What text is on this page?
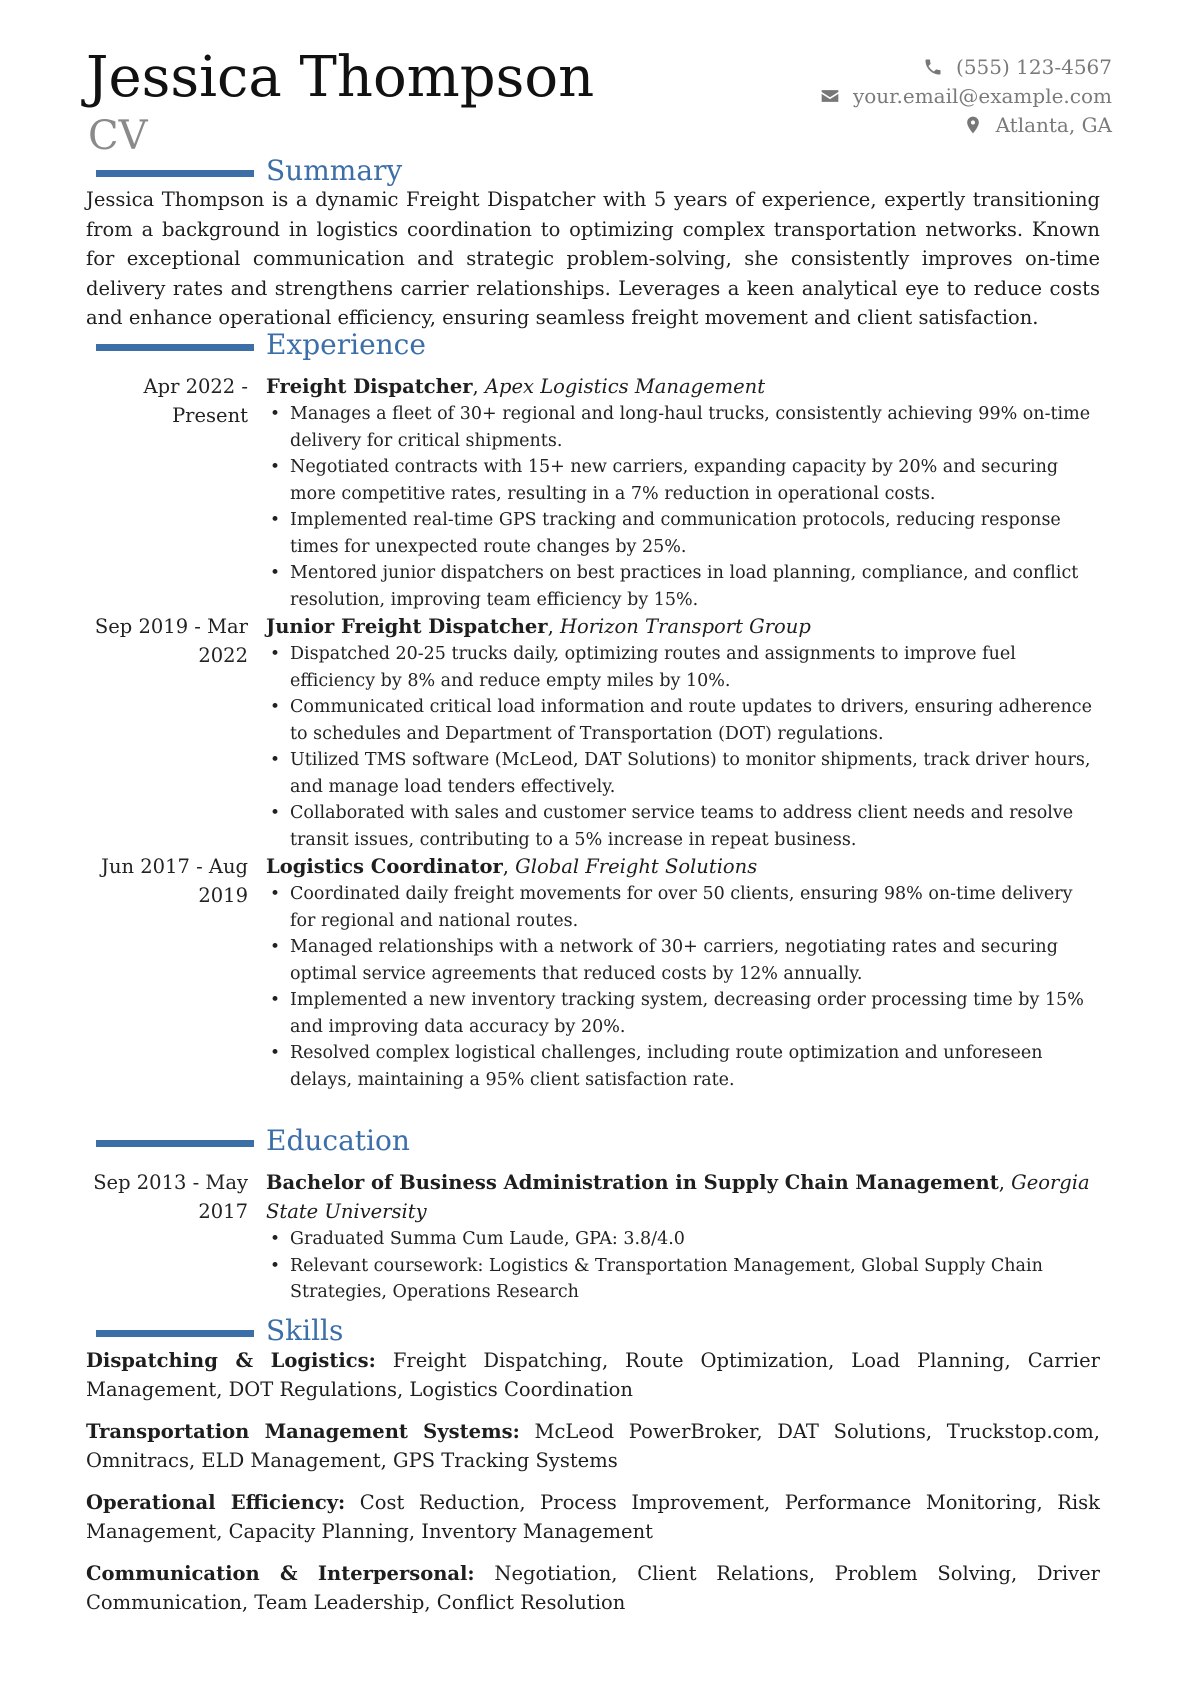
Jessica Thompson
CV
(555) 123-4567
your.email@example.com
Atlanta, GA
Summary
Jessica Thompson is a dynamic Freight Dispatcher with 5 years of experience, expertly transitioning from a background in logistics coordination to optimizing complex transportation networks. Known for exceptional communication and strategic problem-solving, she consistently improves on-time delivery rates and strengthens carrier relationships. Leverages a keen analytical eye to reduce costs and enhance operational efficiency, ensuring seamless freight movement and client satisfaction.
Experience
Apr 2022 -
Present
Freight Dispatcher, Apex Logistics Management
• Manages a fleet of 30+ regional and long-haul trucks, consistently achieving 99% on-time delivery for critical shipments.
• Negotiated contracts with 15+ new carriers, expanding capacity by 20% and securing more competitive rates, resulting in a 7% reduction in operational costs.
• Implemented real-time GPS tracking and communication protocols, reducing response times for unexpected route changes by 25%.
• Mentored junior dispatchers on best practices in load planning, compliance, and conflict resolution, improving team efficiency by 15%.
Sep 2019 - Mar
2022
Junior Freight Dispatcher, Horizon Transport Group
• Dispatched 20-25 trucks daily, optimizing routes and assignments to improve fuel efficiency by 8% and reduce empty miles by 10%.
• Communicated critical load information and route updates to drivers, ensuring adherence to schedules and Department of Transportation (DOT) regulations.
• Utilized TMS software (McLeod, DAT Solutions) to monitor shipments, track driver hours, and manage load tenders effectively.
• Collaborated with sales and customer service teams to address client needs and resolve transit issues, contributing to a 5% increase in repeat business.
Jun 2017 - Aug
2019
Logistics Coordinator, Global Freight Solutions
• Coordinated daily freight movements for over 50 clients, ensuring 98% on-time delivery for regional and national routes.
• Managed relationships with a network of 30+ carriers, negotiating rates and securing optimal service agreements that reduced costs by 12% annually.
• Implemented a new inventory tracking system, decreasing order processing time by 15% and improving data accuracy by 20%.
• Resolved complex logistical challenges, including route optimization and unforeseen delays, maintaining a 95% client satisfaction rate.
Education
Sep 2013 - May
2017
Bachelor of Business Administration in Supply Chain Management, Georgia State University
• Graduated Summa Cum Laude, GPA: 3.8/4.0
• Relevant coursework: Logistics & Transportation Management, Global Supply Chain Strategies, Operations Research
Skills
Dispatching & Logistics: Freight Dispatching, Route Optimization, Load Planning, Carrier Management, DOT Regulations, Logistics Coordination
Transportation Management Systems: McLeod PowerBroker, DAT Solutions, Truckstop.com, Omnitracs, ELD Management, GPS Tracking Systems
Operational Efficiency: Cost Reduction, Process Improvement, Performance Monitoring, Risk Management, Capacity Planning, Inventory Management
Communication & Interpersonal: Negotiation, Client Relations, Problem Solving, Driver Communication, Team Leadership, Conflict Resolution
